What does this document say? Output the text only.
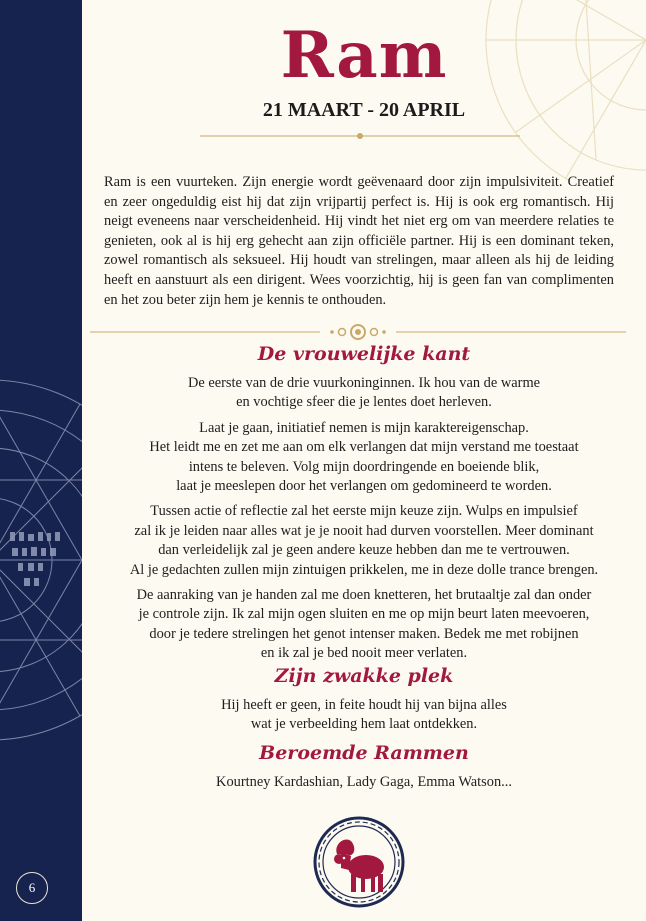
6
Ram
21 MAART - 20 APRIL

Ram is een vuurteken. Zijn energie wordt geëvenaard door zijn impulsiviteit. Creatief en zeer ongeduldig eist hij dat zijn vrijpartij perfect is. Hij is ook erg romantisch. Hij neigt eveneens naar verscheidenheid. Hij vindt het niet erg om van meerdere relaties te genieten, ook al is hij erg gehecht aan zijn officiële partner. Hij is een dominant teken, zowel romantisch als seksueel. Hij houdt van strelingen, maar alleen als hij de leiding heeft en aanstuurt als een dirigent. Wees voorzichtig, hij is geen fan van complimenten en het zou beter zijn hem je kennis te onthouden.

De vrouwelijke kant

De eerste van de drie vuurkoninginnen. Ik hou van de warme
en vochtige sfeer die je lentes doet herleven.

Laat je gaan, initiatief nemen is mijn karaktereigenschap.
Het leidt me en zet me aan om elk verlangen dat mijn verstand me toestaat
intens te beleven. Volg mijn doordringende en boeiende blik,
laat je meeslepen door het verlangen om gedomineerd te worden.

Tussen actie of reflectie zal het eerste mijn keuze zijn. Wulps en impulsief
zal ik je leiden naar alles wat je je nooit had durven voorstellen. Meer dominant
dan verleidelijk zal je geen andere keuze hebben dan me te vertrouwen.
Al je gedachten zullen mijn zintuigen prikkelen, me in deze dolle trance brengen.

De aanraking van je handen zal me doen knetteren, het brutaaltje zal dan onder
je controle zijn. Ik zal mijn ogen sluiten en me op mijn beurt laten meevoeren,
door je tedere strelingen het genot intenser maken. Bedek me met robijnen
en ik zal je bed nooit meer verlaten.

Zijn zwakke plek

Hij heeft er geen, in feite houdt hij van bijna alles
wat je verbeelding hem laat ontdekken.

Beroemde Rammen

Kourtney Kardashian, Lady Gaga, Emma Watson...
